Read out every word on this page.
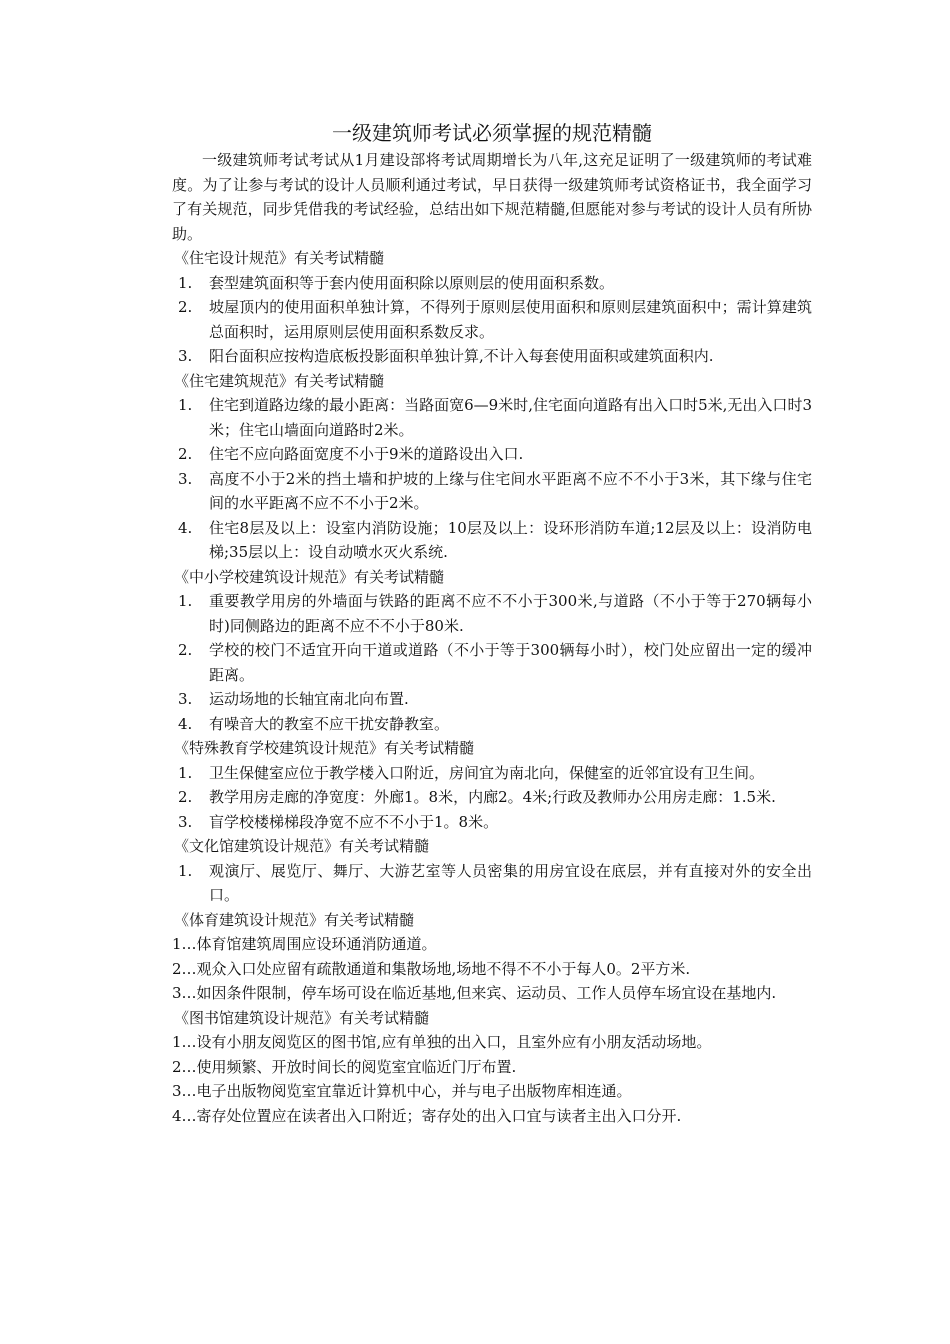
一级建筑师考试必须掌握的规范精髓

一级建筑师考试考试从1月建设部将考试周期增长为八年,这充足证明了一级建筑师的考试难度。为了让参与考试的设计人员顺利通过考试，早日获得一级建筑师考试资格证书，我全面学习了有关规范，同步凭借我的考试经验，总结出如下规范精髓,但愿能对参与考试的设计人员有所协助。

《住宅设计规范》有关考试精髓

1. 套型建筑面积等于套内使用面积除以原则层的使用面积系数。
2. 坡屋顶内的使用面积单独计算，不得列于原则层使用面积和原则层建筑面积中；需计算建筑总面积时，运用原则层使用面积系数反求。
3. 阳台面积应按构造底板投影面积单独计算,不计入每套使用面积或建筑面积内.

《住宅建筑规范》有关考试精髓

1. 住宅到道路边缘的最小距离：当路面宽6—9米时,住宅面向道路有出入口时5米,无出入口时3米；住宅山墙面向道路时2米。
2. 住宅不应向路面宽度不小于9米的道路设出入口.
3. 高度不小于2米的挡土墙和护坡的上缘与住宅间水平距离不应不不小于3米，其下缘与住宅间的水平距离不应不不小于2米。
4. 住宅8层及以上：设室内消防设施；10层及以上：设环形消防车道;12层及以上：设消防电梯;35层以上：设自动喷水灭火系统.

《中小学校建筑设计规范》有关考试精髓

1. 重要教学用房的外墙面与铁路的距离不应不不小于300米,与道路（不小于等于270辆每小时)同侧路边的距离不应不不小于80米.
2. 学校的校门不适宜开向干道或道路（不小于等于300辆每小时），校门处应留出一定的缓冲距离。
3. 运动场地的长轴宜南北向布置.
4. 有噪音大的教室不应干扰安静教室。

《特殊教育学校建筑设计规范》有关考试精髓

1. 卫生保健室应位于教学楼入口附近，房间宜为南北向，保健室的近邻宜设有卫生间。
2. 教学用房走廊的净宽度：外廊1。8米，内廊2。4米;行政及教师办公用房走廊：1.5米.
3. 盲学校楼梯梯段净宽不应不不小于1。8米。

《文化馆建筑设计规范》有关考试精髓

1. 观演厅、展览厅、舞厅、大游艺室等人员密集的用房宜设在底层，并有直接对外的安全出口。

《体育建筑设计规范》有关考试精髓

1…体育馆建筑周围应设环通消防通道。

2…观众入口处应留有疏散通道和集散场地,场地不得不不小于每人0。2平方米.

3…如因条件限制，停车场可设在临近基地,但来宾、运动员、工作人员停车场宜设在基地内.

《图书馆建筑设计规范》有关考试精髓

1…设有小朋友阅览区的图书馆,应有单独的出入口，且室外应有小朋友活动场地。

2…使用频繁、开放时间长的阅览室宜临近门厅布置.

3…电子出版物阅览室宜靠近计算机中心，并与电子出版物库相连通。

4…寄存处位置应在读者出入口附近；寄存处的出入口宜与读者主出入口分开.
